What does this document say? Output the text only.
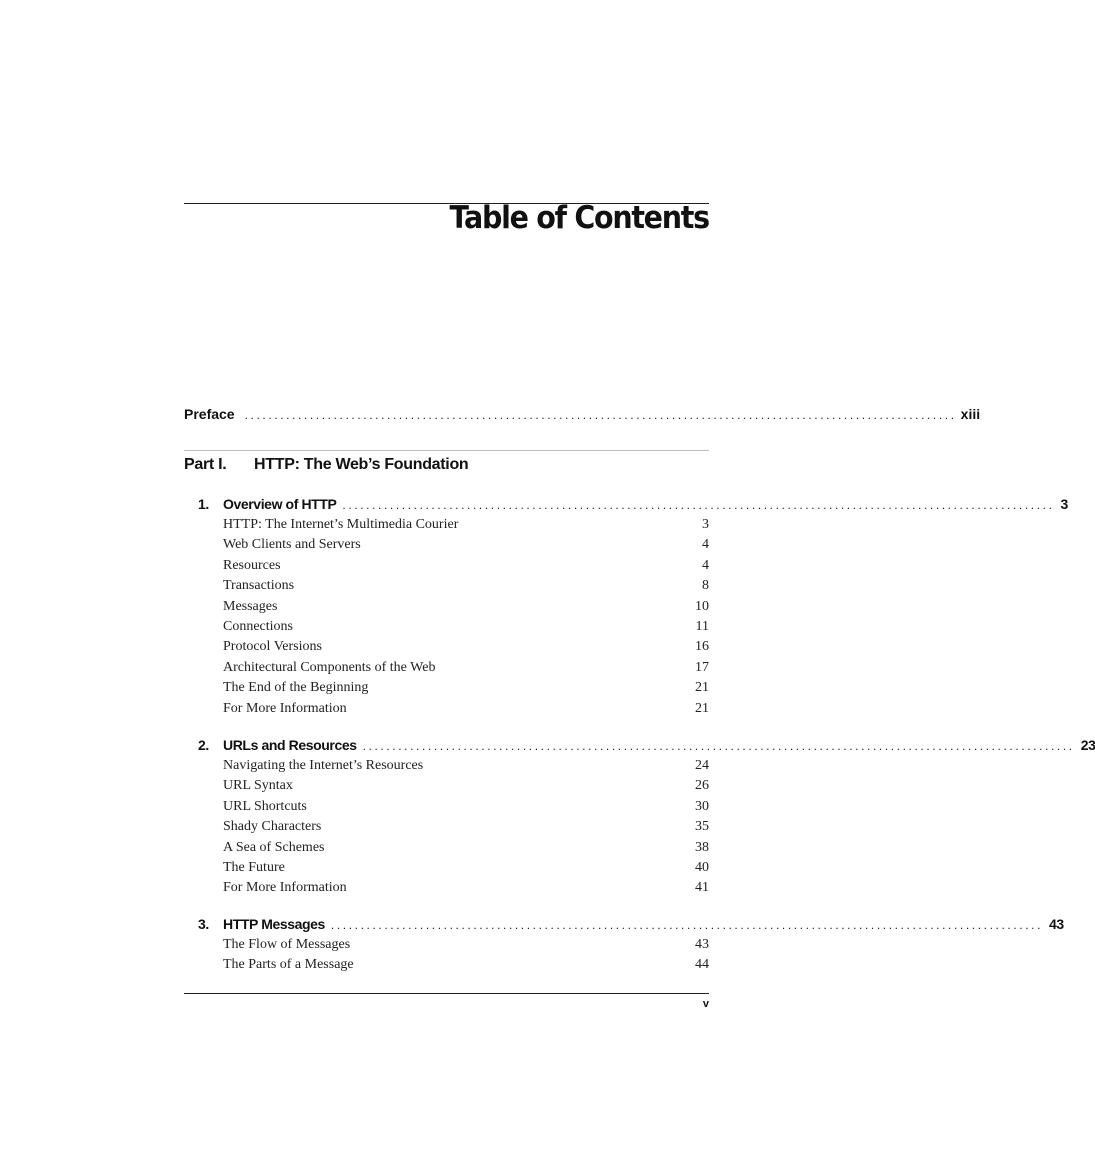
Table of Contents
Preface ........................................................................................................................ xiii
Part I. HTTP: The Web’s Foundation
1.	Overview of HTTP ........................................................................................................................ 3
HTTP: The Internet’s Multimedia Courier	3
Web Clients and Servers	4
Resources	4
Transactions	8
Messages	10
Connections	11
Protocol Versions	16
Architectural Components of the Web	17
The End of the Beginning	21
For More Information	21
2.	URLs and Resources ........................................................................................................................ 23
Navigating the Internet’s Resources	24
URL Syntax	26
URL Shortcuts	30
Shady Characters	35
A Sea of Schemes	38
The Future	40
For More Information	41
3.	HTTP Messages ........................................................................................................................ 43
The Flow of Messages	43
The Parts of a Message	44
v
